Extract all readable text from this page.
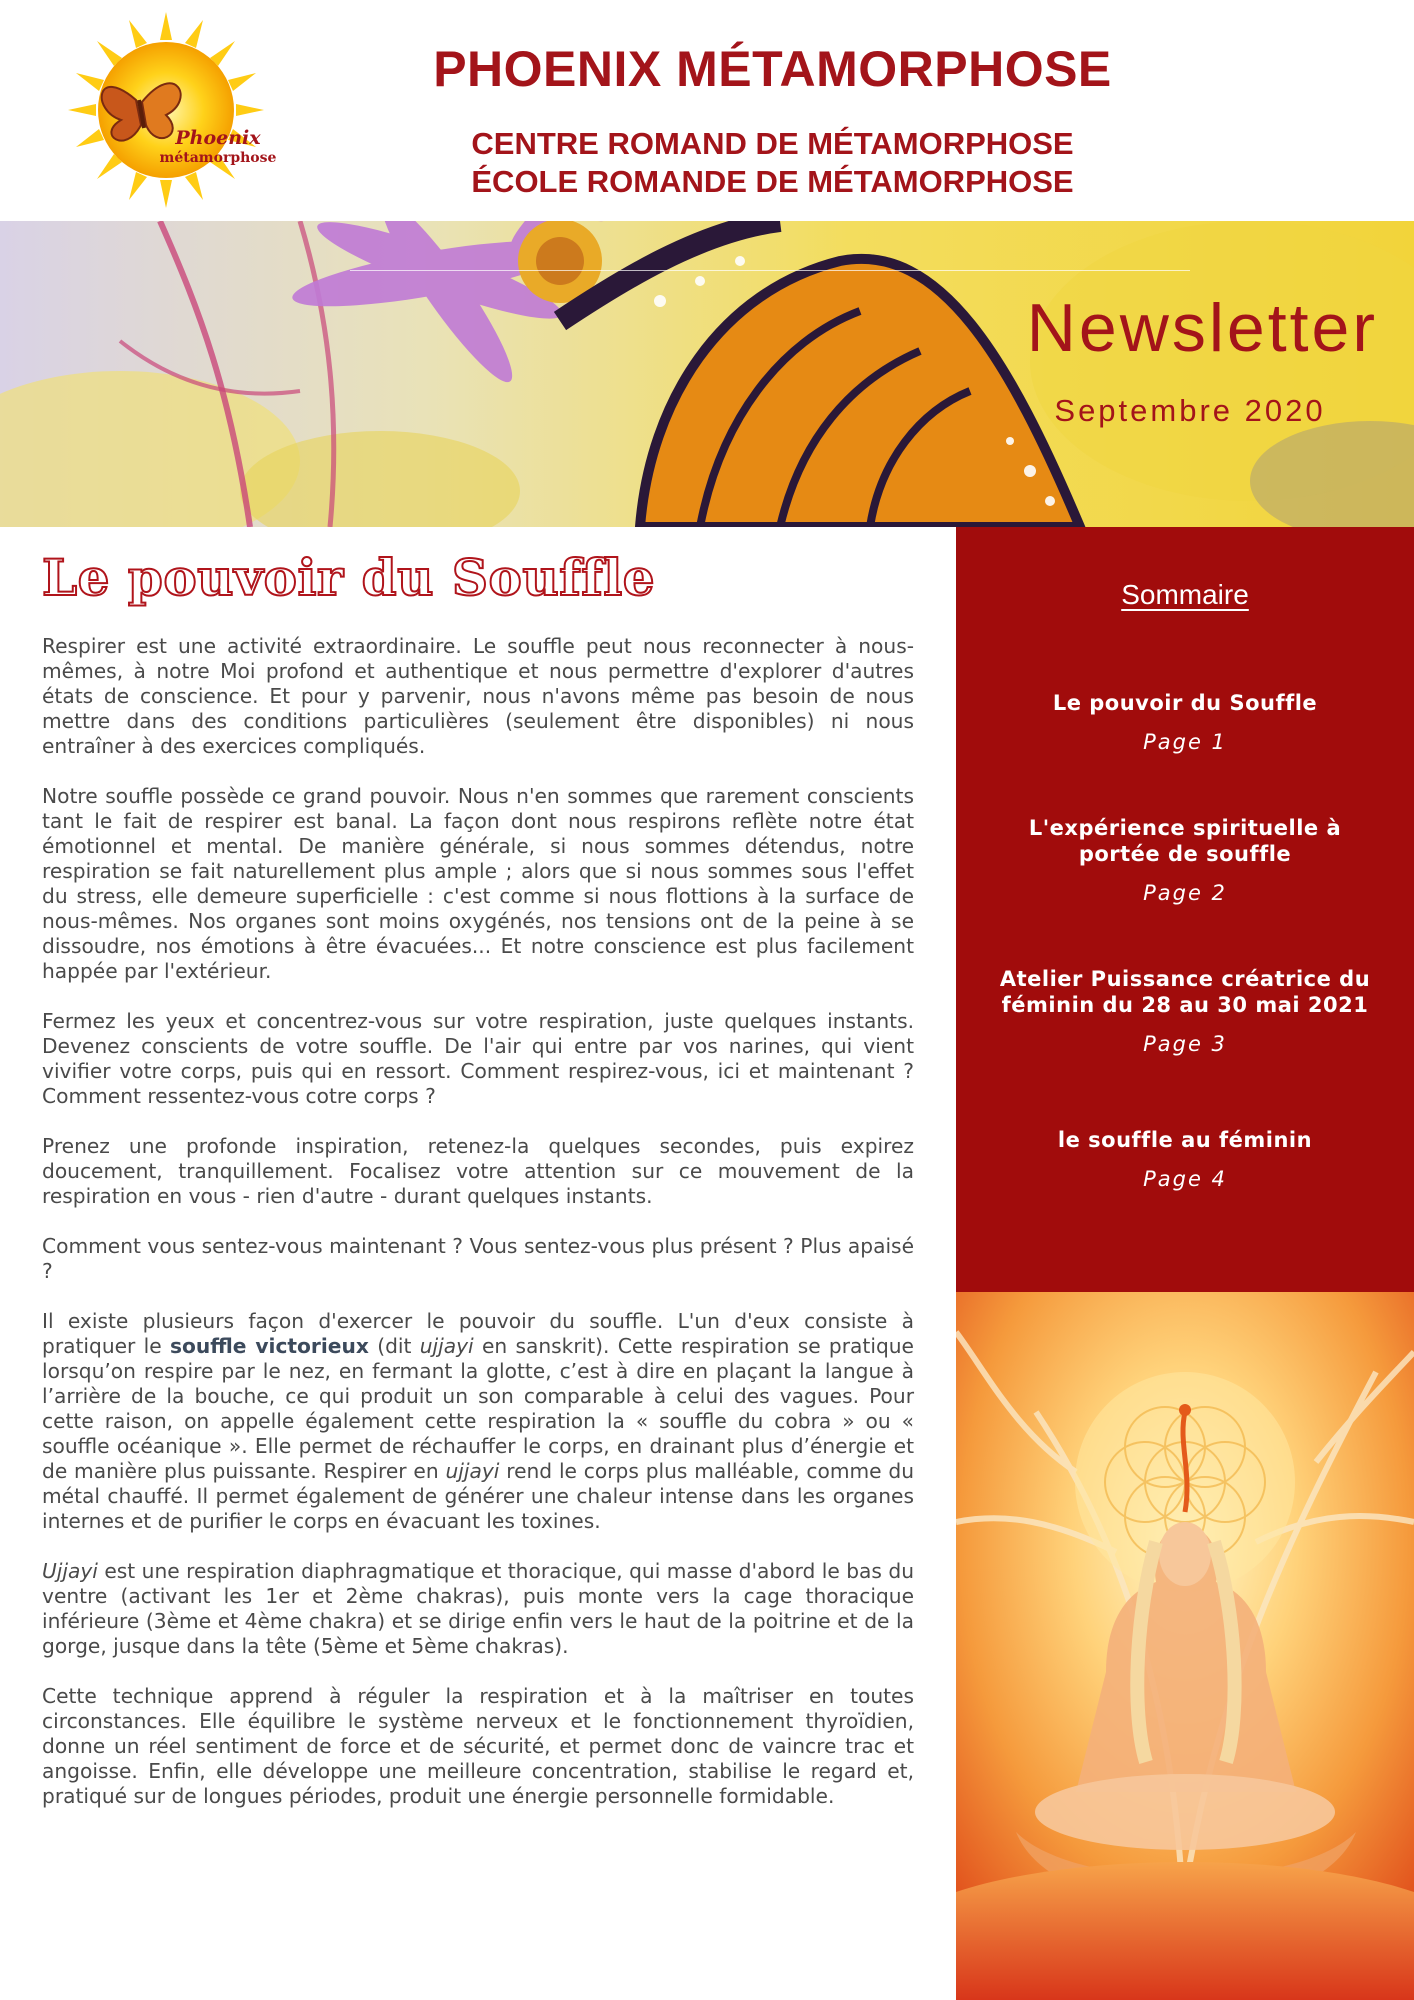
Phoenix
métamorphose
PHOENIX MÉTAMORPHOSE
CENTRE ROMAND DE MÉTAMORPHOSE
ÉCOLE ROMANDE DE MÉTAMORPHOSE
Newsletter
Septembre 2020
Le pouvoir du Souffle

Respirer est une activité extraordinaire. Le souffle peut nous reconnecter à nous-mêmes, à notre Moi profond et authentique et nous permettre d'explorer d'autres états de conscience. Et pour y parvenir, nous n'avons même pas besoin de nous mettre dans des conditions particulières (seulement être disponibles) ni nous entraîner à des exercices compliqués.

Notre souffle possède ce grand pouvoir. Nous n'en sommes que rarement conscients tant le fait de respirer est banal. La façon dont nous respirons reflète notre état émotionnel et mental. De manière générale, si nous sommes détendus, notre respiration se fait naturellement plus ample ; alors que si nous sommes sous l'effet du stress, elle demeure superficielle : c'est comme si nous flottions à la surface de nous-mêmes. Nos organes sont moins oxygénés, nos tensions ont de la peine à se dissoudre, nos émotions à être évacuées... Et notre conscience est plus facilement happée par l'extérieur.

Fermez les yeux et concentrez-vous sur votre respiration, juste quelques instants. Devenez conscients de votre souffle. De l'air qui entre par vos narines, qui vient vivifier votre corps, puis qui en ressort. Comment respirez-vous, ici et maintenant ? Comment ressentez-vous cotre corps ?

Prenez une profonde inspiration, retenez-la quelques secondes, puis expirez doucement, tranquillement. Focalisez votre attention sur ce mouvement de la respiration en vous - rien d'autre - durant quelques instants.

Comment vous sentez-vous maintenant ? Vous sentez-vous plus présent ? Plus apaisé ?

Il existe plusieurs façon d'exercer le pouvoir du souffle. L'un d'eux consiste à pratiquer le souffle victorieux (dit ujjayi en sanskrit). Cette respiration se pratique lorsqu’on respire par le nez, en fermant la glotte, c’est à dire en plaçant la langue à l’arrière de la bouche, ce qui produit un son comparable à celui des vagues. Pour cette raison, on appelle également cette respiration la « souffle du cobra » ou « souffle océanique ». Elle permet de réchauffer le corps, en drainant plus d’énergie et de manière plus puissante. Respirer en ujjayi rend le corps plus malléable, comme du métal chauffé. Il permet également de générer une chaleur intense dans les organes internes et de purifier le corps en évacuant les toxines.

Ujjayi est une respiration diaphragmatique et thoracique, qui masse d'abord le bas du ventre (activant les 1er et 2ème chakras), puis monte vers la cage thoracique inférieure (3ème et 4ème chakra) et se dirige enfin vers le haut de la poitrine et de la gorge, jusque dans la tête (5ème et 5ème chakras).

Cette technique apprend à réguler la respiration et à la maîtriser en toutes circonstances. Elle équilibre le système nerveux et le fonctionnement thyroïdien, donne un réel sentiment de force et de sécurité, et permet donc de vaincre trac et angoisse. Enfin, elle développe une meilleure concentration, stabilise le regard et, pratiqué sur de longues périodes, produit une énergie personnelle formidable.

Sommaire
Le pouvoir du Souffle
Page 1
L'expérience spirituelle à portée de souffle
Page 2
Atelier Puissance créatrice du féminin du 28 au 30 mai 2021
Page 3
le souffle au féminin
Page 4
